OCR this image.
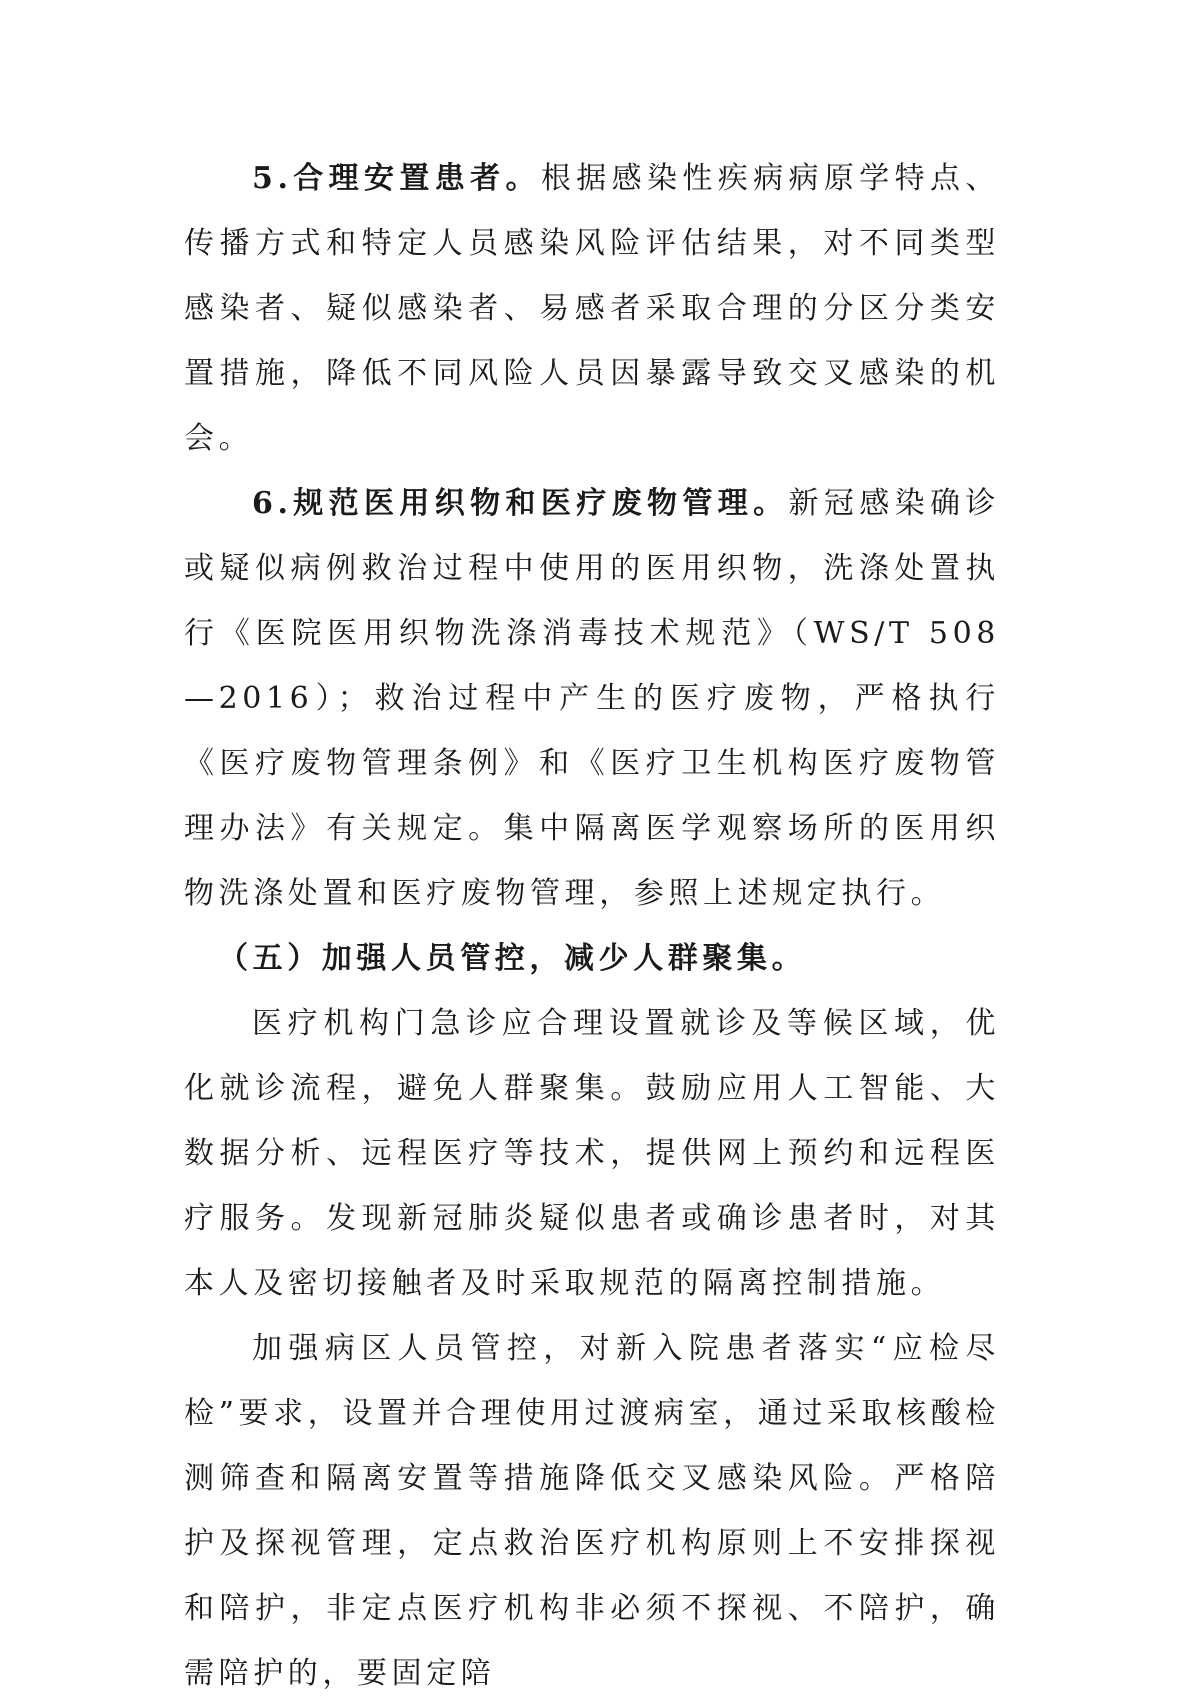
5.合理安置患者。根据感染性疾病病原学特点、传播方式和特定人员感染风险评估结果，对不同类型感染者、疑似感染者、易感者采取合理的分区分类安置措施，降低不同风险人员因暴露导致交叉感染的机会。

6.规范医用织物和医疗废物管理。新冠感染确诊或疑似病例救治过程中使用的医用织物，洗涤处置执行《医院医用织物洗涤消毒技术规范》（WS/T 508—2016）；救治过程中产生的医疗废物，严格执行《医疗废物管理条例》和《医疗卫生机构医疗废物管理办法》有关规定。集中隔离医学观察场所的医用织物洗涤处置和医疗废物管理，参照上述规定执行。

（五）加强人员管控，减少人群聚集。

医疗机构门急诊应合理设置就诊及等候区域，优化就诊流程，避免人群聚集。鼓励应用人工智能、大数据分析、远程医疗等技术，提供网上预约和远程医疗服务。发现新冠肺炎疑似患者或确诊患者时，对其本人及密切接触者及时采取规范的隔离控制措施。

加强病区人员管控，对新入院患者落实“应检尽检”要求，设置并合理使用过渡病室，通过采取核酸检测筛查和隔离安置等措施降低交叉感染风险。严格陪护及探视管理，定点救治医疗机构原则上不安排探视和陪护，非定点医疗机构非必须不探视、不陪护，确需陪护的，要固定陪
